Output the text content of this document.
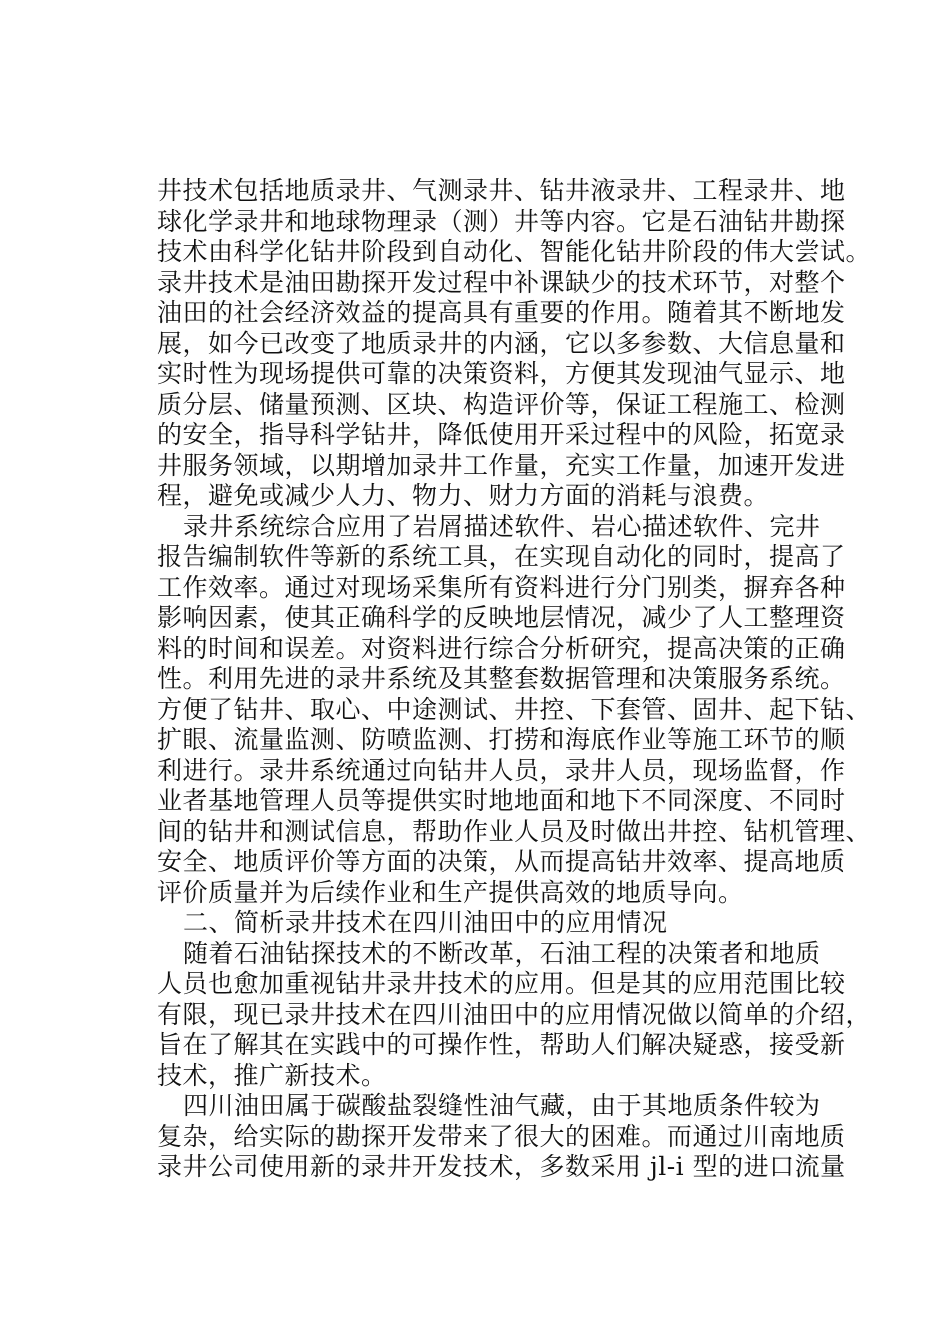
井技术包括地质录井、气测录井、钻井液录井、工程录井、地
球化学录井和地球物理录（测）井等内容。它是石油钻井勘探
技术由科学化钻井阶段到自动化、智能化钻井阶段的伟大尝试。
录井技术是油田勘探开发过程中补课缺少的技术环节，对整个
油田的社会经济效益的提高具有重要的作用。随着其不断地发
展，如今已改变了地质录井的内涵，它以多参数、大信息量和
实时性为现场提供可靠的决策资料，方便其发现油气显示、地
质分层、储量预测、区块、构造评价等，保证工程施工、检测
的安全，指导科学钻井，降低使用开采过程中的风险，拓宽录
井服务领域，以期增加录井工作量，充实工作量，加速开发进
程，避免或减少人力、物力、财力方面的消耗与浪费。
录井系统综合应用了岩屑描述软件、岩心描述软件、完井
报告编制软件等新的系统工具，在实现自动化的同时，提高了
工作效率。通过对现场采集所有资料进行分门别类，摒弃各种
影响因素，使其正确科学的反映地层情况，减少了人工整理资
料的时间和误差。对资料进行综合分析研究，提高决策的正确
性。利用先进的录井系统及其整套数据管理和决策服务系统。
方便了钻井、取心、中途测试、井控、下套管、固井、起下钻、
扩眼、流量监测、防喷监测、打捞和海底作业等施工环节的顺
利进行。录井系统通过向钻井人员，录井人员，现场监督，作
业者基地管理人员等提供实时地地面和地下不同深度、不同时
间的钻井和测试信息，帮助作业人员及时做出井控、钻机管理、
安全、地质评价等方面的决策，从而提高钻井效率、提高地质
评价质量并为后续作业和生产提供高效的地质导向。
二、简析录井技术在四川油田中的应用情况
随着石油钻探技术的不断改革，石油工程的决策者和地质
人员也愈加重视钻井录井技术的应用。但是其的应用范围比较
有限，现已录井技术在四川油田中的应用情况做以简单的介绍，
旨在了解其在实践中的可操作性，帮助人们解决疑惑，接受新
技术，推广新技术。
四川油田属于碳酸盐裂缝性油气藏，由于其地质条件较为
复杂，给实际的勘探开发带来了很大的困难。而通过川南地质
录井公司使用新的录井开发技术，多数采用 jl-i 型的进口流量
